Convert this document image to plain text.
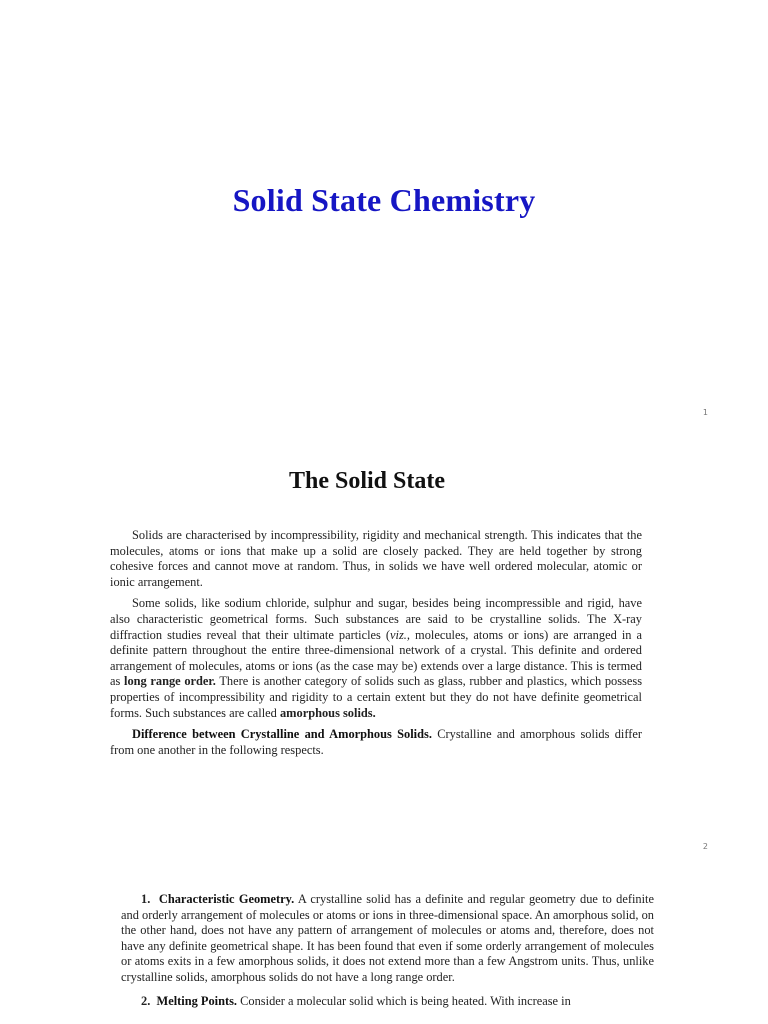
Solid State Chemistry
1
The Solid State

Solids are characterised by incompressibility, rigidity and mechanical strength. This indicates that the molecules, atoms or ions that make up a solid are closely packed. They are held together by strong cohesive forces and cannot move at random. Thus, in solids we have well ordered molecular, atomic or ionic arrangement.

Some solids, like sodium chloride, sulphur and sugar, besides being incompressible and rigid, have also characteristic geometrical forms. Such substances are said to be crystalline solids. The X-ray diffraction studies reveal that their ultimate particles (viz., molecules, atoms or ions) are arranged in a definite pattern throughout the entire three-dimensional network of a crystal. This definite and ordered arrangement of molecules, atoms or ions (as the case may be) extends over a large distance. This is termed as long range order. There is another category of solids such as glass, rubber and plastics, which possess properties of incompressibility and rigidity to a certain extent but they do not have definite geometrical forms. Such substances are called amorphous solids.

Difference between Crystalline and Amorphous Solids. Crystalline and amorphous solids differ from one another in the following respects.

2

1. Characteristic Geometry. A crystalline solid has a definite and regular geometry due to definite and orderly arrangement of molecules or atoms or ions in three-dimensional space. An amorphous solid, on the other hand, does not have any pattern of arrangement of molecules or atoms and, therefore, does not have any definite geometrical shape. It has been found that even if some orderly arrangement of molecules or atoms exits in a few amorphous solids, it does not extend more than a few Angstrom units. Thus, unlike crystalline solids, amorphous solids do not have a long range order.

2. Melting Points. Consider a molecular solid which is being heated. With increase in
